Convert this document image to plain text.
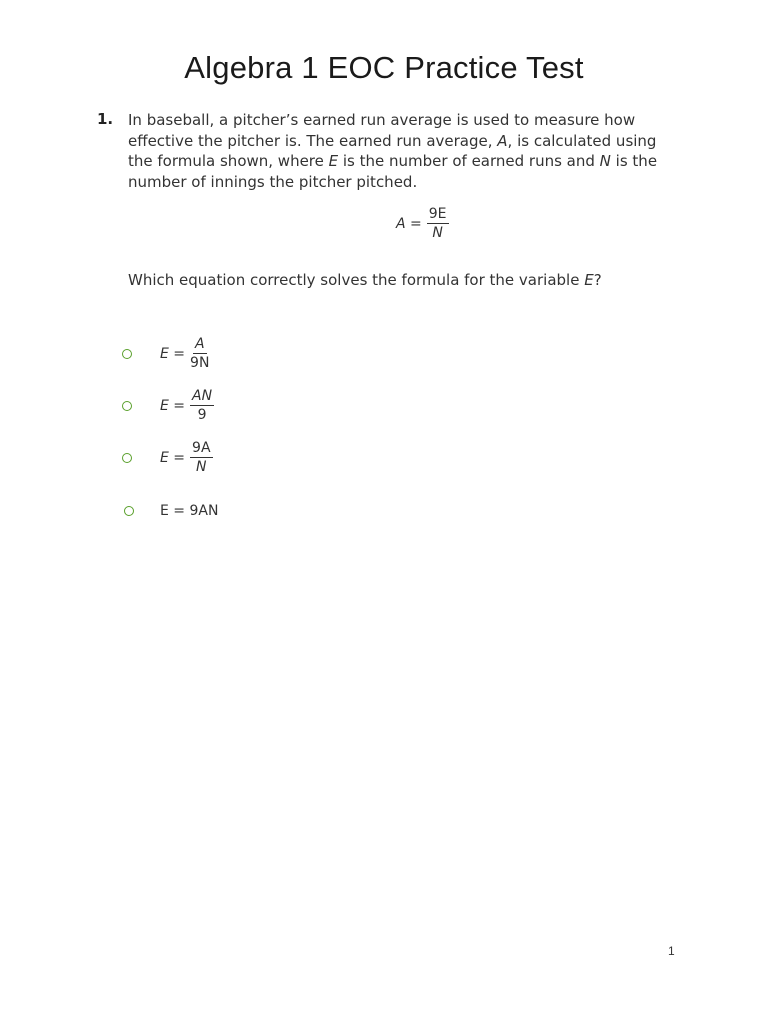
Algebra 1 EOC Practice Test
1. In baseball, a pitcher’s earned run average is used to measure how
effective the pitcher is. The earned run average, A, is calculated using
the formula shown, where E is the number of earned runs and N is the
number of innings the pitcher pitched.
$A = \frac{9E}{N}$
Which equation correctly solves the formula for the variable E?
$E = \frac{A}{9N}$
$E = \frac{AN}{9}$
$E = \frac{9A}{N}$
E = 9AN
1
